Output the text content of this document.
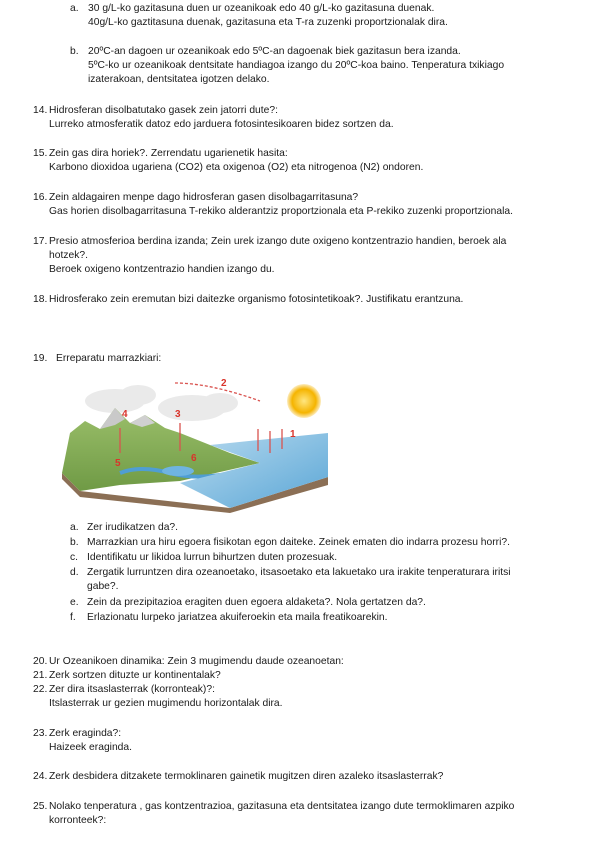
a. 30 g/L-ko gazitasuna duen ur ozeanikoak edo 40 g/L-ko gazitasuna duenak.
40g/L-ko gaztitasuna duenak, gazitasuna eta T-ra zuzenki proportzionalak dira.
b. 20ºC-an dagoen ur ozeanikoak edo 5ºC-an dagoenak biek gazitasun bera izanda.
5ºC-ko ur ozeanikoak dentsitate handiagoa izango du 20ºC-koa baino. Tenperatura txikiago
izaterakoan, dentsitatea igotzen delako.
14. Hidrosferan disolbatutako gasek zein jatorri dute?:
Lurreko atmosferatik datoz edo jarduera fotosintesikoaren bidez sortzen da.
15. Zein gas dira horiek?. Zerrendatu ugarienetik hasita:
Karbono dioxidoa ugariena (CO2) eta oxigenoa (O2) eta nitrogenoa (N2) ondoren.
16. Zein aldagairen menpe dago hidrosferan gasen disolbagarritasuna?
Gas horien disolbagarritasuna T-rekiko alderantziz proportzionala eta P-rekiko zuzenki proportzionala.
17. Presio atmosferioa berdina izanda; Zein urek izango dute oxigeno kontzentrazio handien, beroek ala
hotzek?.
Beroek oxigeno kontzentrazio handien izango du.
18. Hidrosferako zein eremutan bizi daitezke organismo fotosintetikoak?. Justifikatu erantzuna.
19. Erreparatu marrazkiari:
1
2
3
4
5	6
a. Zer irudikatzen da?.
b. Marrazkian ura hiru egoera fisikotan egon daiteke. Zeinek ematen dio indarra prozesu horri?.
c. Identifikatu ur likidoa lurrun bihurtzen duten prozesuak.
d. Zergatik lurruntzen dira ozeanoetako, itsasoetako eta lakuetako ura irakite tenperaturara iritsi
gabe?.
e. Zein da prezipitazioa eragiten duen egoera aldaketa?. Nola gertatzen da?.
f. Erlazionatu lurpeko jariatzea akuiferoekin eta maila freatikoarekin.
20. Ur Ozeanikoen dinamika: Zein 3 mugimendu daude ozeanoetan:
21. Zerk sortzen dituzte ur kontinentalak?
22. Zer dira itsaslasterrak (korronteak)?:
Itslasterrak ur gezien mugimendu horizontalak dira.
23. Zerk eraginda?:
Haizeek eraginda.
24. Zerk desbidera ditzakete termoklinaren gainetik mugitzen diren azaleko itsaslasterrak?
25. Nolako tenperatura , gas kontzentrazioa, gazitasuna eta dentsitatea izango dute termoklimaren azpiko
korronteek?:
